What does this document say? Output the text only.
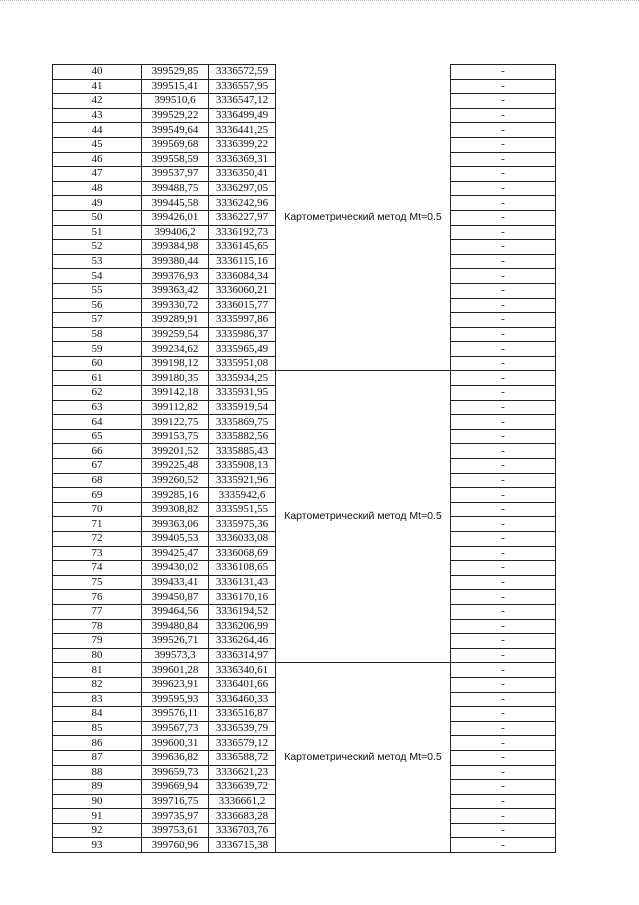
40	399529,85	3336572,59	Картометрический метод Mt=0.5	-
41	399515,41	3336557,95		-
42	399510,6	3336547,12		-
43	399529,22	3336499,49		-
44	399549,64	3336441,25		-
45	399569,68	3336399,22		-
46	399558,59	3336369,31		-
47	399537,97	3336350,41		-
48	399488,75	3336297,05		-
49	399445,58	3336242,96		-
50	399426,01	3336227,97		-
51	399406,2	3336192,73		-
52	399384,98	3336145,65		-
53	399380,44	3336115,16		-
54	399376,93	3336084,34		-
55	399363,42	3336060,21		-
56	399330,72	3336015,77		-
57	399289,91	3335997,86		-
58	399259,54	3335986,37		-
59	399234,62	3335965,49		-
60	399198,12	3335951,08		-
61	399180,35	3335934,25	Картометрический метод Mt=0.5	-
62	399142,18	3335931,95		-
63	399112,82	3335919,54		-
64	399122,75	3335869,75		-
65	399153,75	3335882,56		-
66	399201,52	3335885,43		-
67	399225,48	3335908,13		-
68	399260,52	3335921,96		-
69	399285,16	3335942,6		-
70	399308,82	3335951,55		-
71	399363,06	3335975,36		-
72	399405,53	3336033,08		-
73	399425,47	3336068,69		-
74	399430,02	3336108,65		-
75	399433,41	3336131,43		-
76	399450,87	3336170,16		-
77	399464,56	3336194,52		-
78	399480,84	3336206,99		-
79	399526,71	3336264,46		-
80	399573,3	3336314,97		-
81	399601,28	3336340,61	Картометрический метод Mt=0.5	-
82	399623,91	3336401,66		-
83	399595,93	3336460,33		-
84	399576,11	3336516,87		-
85	399567,73	3336539,79		-
86	399600,31	3336579,12		-
87	399636,82	3336588,72		-
88	399659,73	3336621,23		-
89	399669,94	3336639,72		-
90	399716,75	3336661,2		-
91	399735,97	3336683,28		-
92	399753,61	3336703,76		-
93	399760,96	3336715,38		-
